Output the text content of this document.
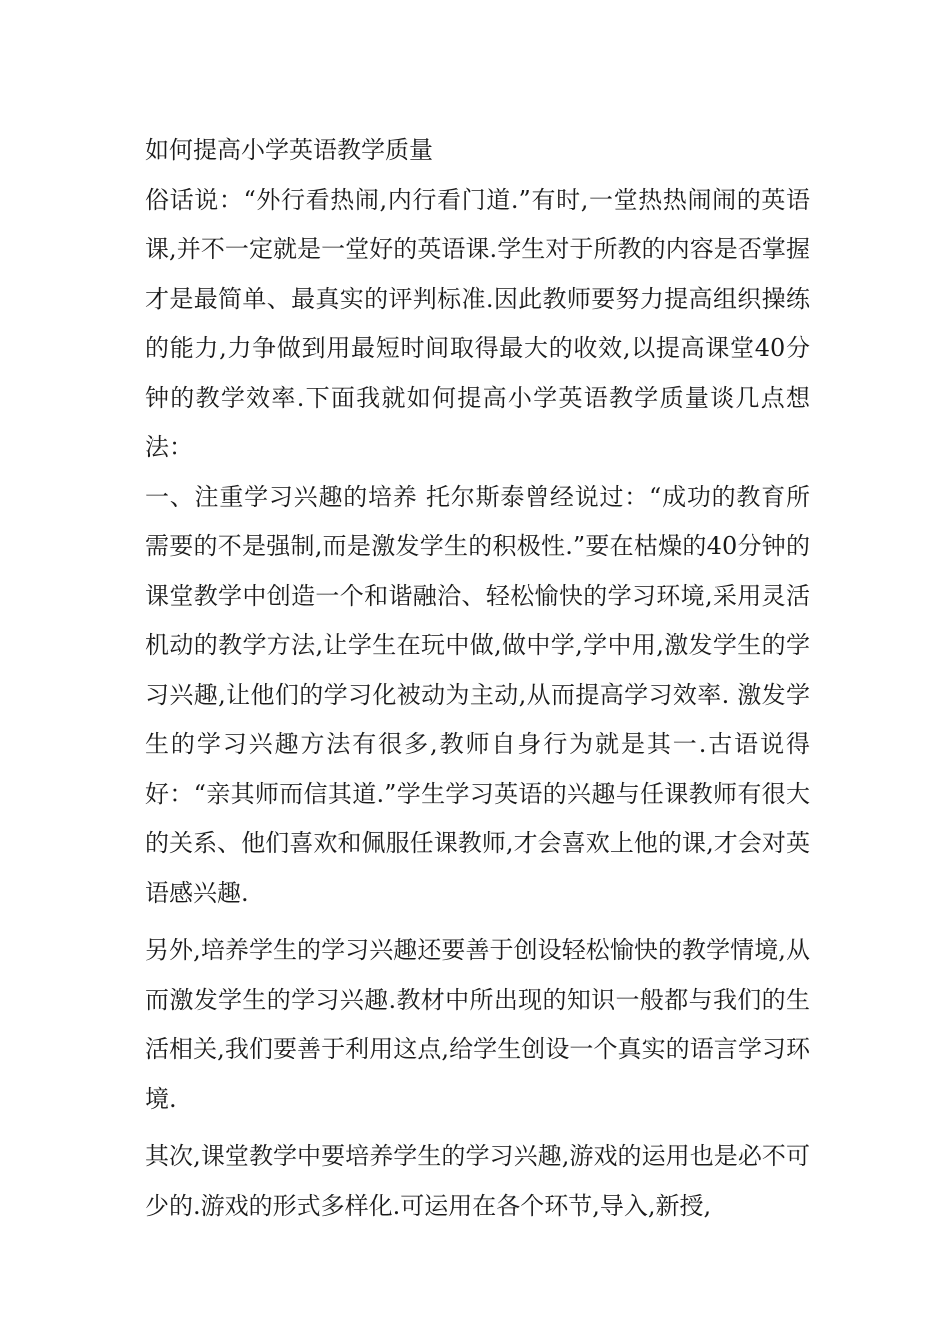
如何提高小学英语教学质量

俗话说：“外行看热闹,内行看门道.”有时,一堂热热闹闹的英语课,并不一定就是一堂好的英语课.学生对于所教的内容是否掌握才是最简单、最真实的评判标准.因此教师要努力提高组织操练的能力,力争做到用最短时间取得最大的收效,以提高课堂40分钟的教学效率.下面我就如何提高小学英语教学质量谈几点想法：

一、注重学习兴趣的培养 托尔斯泰曾经说过：“成功的教育所需要的不是强制,而是激发学生的积极性.”要在枯燥的40分钟的课堂教学中创造一个和谐融洽、轻松愉快的学习环境,采用灵活机动的教学方法,让学生在玩中做,做中学,学中用,激发学生的学习兴趣,让他们的学习化被动为主动,从而提高学习效率. 激发学生的学习兴趣方法有很多,教师自身行为就是其一.古语说得好：“亲其师而信其道.”学生学习英语的兴趣与任课教师有很大的关系、他们喜欢和佩服任课教师,才会喜欢上他的课,才会对英语感兴趣.

另外,培养学生的学习兴趣还要善于创设轻松愉快的教学情境,从而激发学生的学习兴趣.教材中所出现的知识一般都与我们的生活相关,我们要善于利用这点,给学生创设一个真实的语言学习环境.

其次,课堂教学中要培养学生的学习兴趣,游戏的运用也是必不可少的.游戏的形式多样化.可运用在各个环节,导入,新授,
